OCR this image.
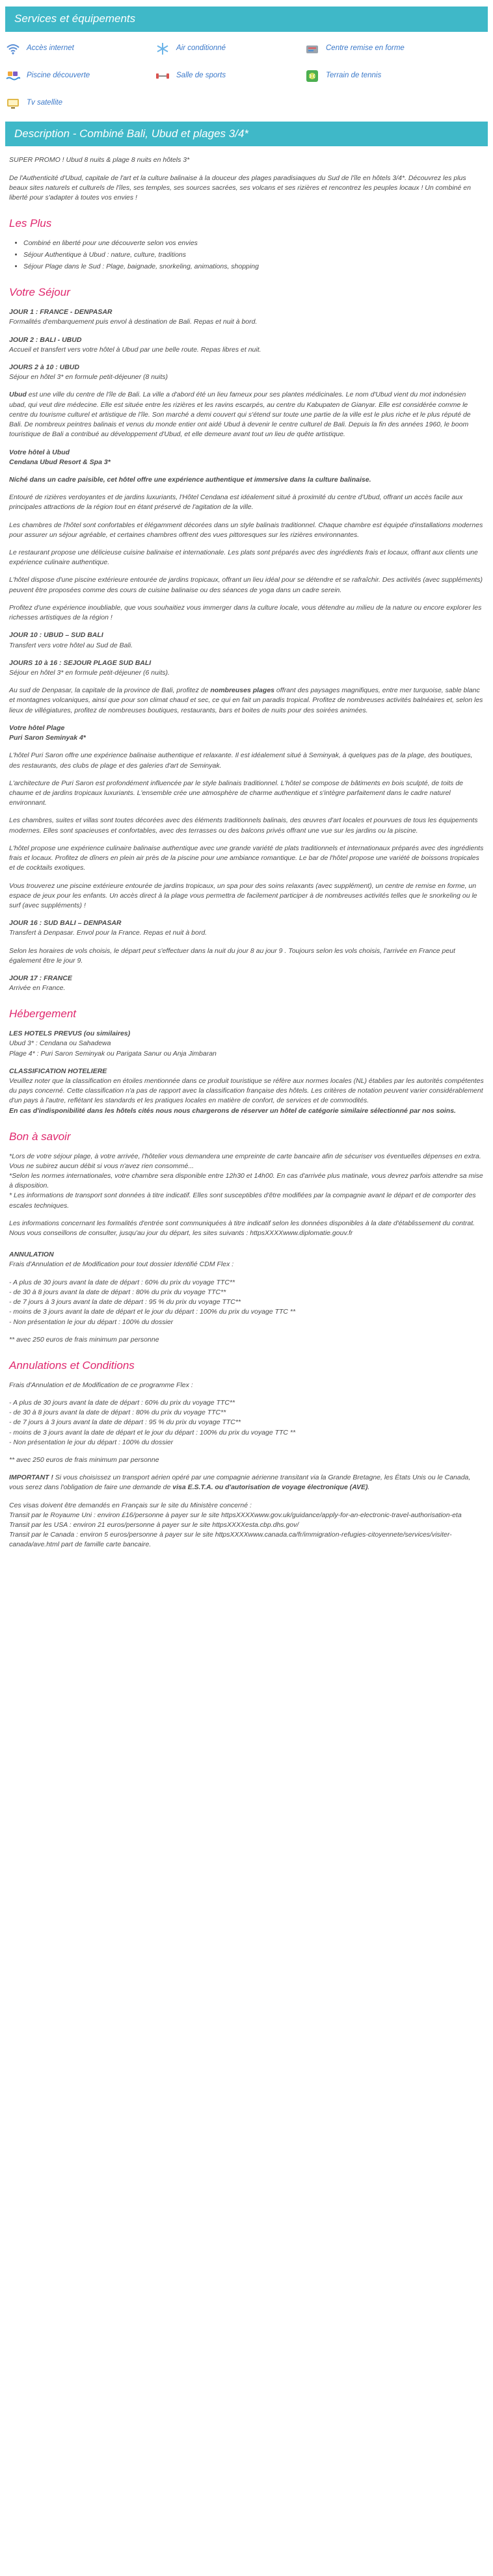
Services et équipements
Accès internet	Air conditionné	Centre remise en forme
Piscine découverte	Salle de sports	Terrain de tennis
Tv satellite
Description - Combiné Bali, Ubud et plages 3/4*

SUPER PROMO ! Ubud 8 nuits & plage 8 nuits en hôtels 3*

De l'Authenticité d'Ubud, capitale de l'art et la culture balinaise à la douceur des plages paradisiaques du Sud de l'île en hôtels 3/4*. Découvrez les plus beaux sites naturels et culturels de l'îles, ses temples, ses sources sacrées, ses volcans et ses rizières et rencontrez les peuples locaux ! Un combiné en liberté pour s'adapter à toutes vos envies !

Les Plus
• Combiné en liberté pour une découverte selon vos envies
• Séjour Authentique à Ubud : nature, culture, traditions
• Séjour Plage dans le Sud : Plage, baignade, snorkeling, animations, shopping
Votre Séjour

JOUR 1 : FRANCE - DENPASAR
Formalités d'embarquement puis envol à destination de Bali. Repas et nuit à bord.

JOUR 2 : BALI - UBUD
Accueil et transfert vers votre hôtel à Ubud par une belle route. Repas libres et nuit.

JOURS 2 à 10 : UBUD
Séjour en hôtel 3* en formule petit-déjeuner (8 nuits)

Ubud est une ville du centre de l'île de Bali. La ville a d'abord été un lieu fameux pour ses plantes médicinales. Le nom d'Ubud vient du mot indonésien ubad, qui veut dire médecine. Elle est située entre les rizières et les ravins escarpés, au centre du Kabupaten de Gianyar. Elle est considérée comme le centre du tourisme culturel et artistique de l'île. Son marché a demi couvert qui s'étend sur toute une partie de la ville est le plus riche et le plus réputé de Bali. De nombreux peintres balinais et venus du monde entier ont aidé Ubud à devenir le centre culturel de Bali. Depuis la fin des années 1960, le boom touristique de Bali a contribué au développement d'Ubud, et elle demeure avant tout un lieu de quête artistique.

Votre hôtel à Ubud
Cendana Ubud Resort & Spa 3*

Niché dans un cadre paisible, cet hôtel offre une expérience authentique et immersive dans la culture balinaise.

Entouré de rizières verdoyantes et de jardins luxuriants, l'Hôtel Cendana est idéalement situé à proximité du centre d'Ubud, offrant un accès facile aux principales attractions de la région tout en étant préservé de l'agitation de la ville.

Les chambres de l'hôtel sont confortables et élégamment décorées dans un style balinais traditionnel. Chaque chambre est équipée d'installations modernes pour assurer un séjour agréable, et certaines chambres offrent des vues pittoresques sur les rizières environnantes.

Le restaurant propose une délicieuse cuisine balinaise et internationale. Les plats sont préparés avec des ingrédients frais et locaux, offrant aux clients une expérience culinaire authentique.

L'hôtel dispose d'une piscine extérieure entourée de jardins tropicaux, offrant un lieu idéal pour se détendre et se rafraîchir. Des activités (avec suppléments) peuvent être proposées comme des cours de cuisine balinaise ou des séances de yoga dans un cadre serein.

Profitez d'une expérience inoubliable, que vous souhaitiez vous immerger dans la culture locale, vous détendre au milieu de la nature ou encore explorer les richesses artistiques de la région !

JOUR 10 : UBUD – SUD BALI
Transfert vers votre hôtel au Sud de Bali.

JOURS 10 à 16 : SEJOUR PLAGE SUD BALI
Séjour en hôtel 3* en formule petit-déjeuner (6 nuits).

Au sud de Denpasar, la capitale de la province de Bali, profitez de nombreuses plages offrant des paysages magnifiques, entre mer turquoise, sable blanc et montagnes volcaniques, ainsi que pour son climat chaud et sec, ce qui en fait un paradis tropical. Profitez de nombreuses activités balnéaires et, selon les lieux de villégiatures, profitez de nombreuses boutiques, restaurants, bars et boites de nuits pour des soirées animées.

Votre hôtel Plage
Puri Saron Seminyak 4*

L'hôtel Puri Saron offre une expérience balinaise authentique et relaxante. Il est idéalement situé à Seminyak, à quelques pas de la plage, des boutiques, des restaurants, des clubs de plage et des galeries d'art de Seminyak.

L'architecture de Puri Saron est profondément influencée par le style balinais traditionnel. L'hôtel se compose de bâtiments en bois sculpté, de toits de chaume et de jardins tropicaux luxuriants. L'ensemble crée une atmosphère de charme authentique et s'intègre parfaitement dans le cadre naturel environnant.

Les chambres, suites et villas sont toutes décorées avec des éléments traditionnels balinais, des œuvres d'art locales et pourvues de tous les équipements modernes. Elles sont spacieuses et confortables, avec des terrasses ou des balcons privés offrant une vue sur les jardins ou la piscine.

L'hôtel propose une expérience culinaire balinaise authentique avec une grande variété de plats traditionnels et internationaux préparés avec des ingrédients frais et locaux. Profitez de dîners en plein air près de la piscine pour une ambiance romantique. Le bar de l'hôtel propose une variété de boissons tropicales et de cocktails exotiques.

Vous trouverez une piscine extérieure entourée de jardins tropicaux, un spa pour des soins relaxants (avec supplément), un centre de remise en forme, un espace de jeux pour les enfants. Un accès direct à la plage vous permettra de facilement participer à de nombreuses activités telles que le snorkeling ou le surf (avec suppléments) !

JOUR 16 : SUD BALI – DENPASAR
Transfert à Denpasar. Envol pour la France. Repas et nuit à bord.

Selon les horaires de vols choisis, le départ peut s'effectuer dans la nuit du jour 8 au jour 9 . Toujours selon les vols choisis, l'arrivée en France peut également être le jour 9.

JOUR 17 : FRANCE
Arrivée en France.

Hébergement

LES HOTELS PREVUS (ou similaires)
Ubud 3* : Cendana ou Sahadewa
Plage 4* : Puri Saron Seminyak ou Parigata Sanur ou Anja Jimbaran

CLASSIFICATION HOTELIERE
Veuillez noter que la classification en étoiles mentionnée dans ce produit touristique se réfère aux normes locales (NL) établies par les autorités compétentes du pays concerné. Cette classification n'a pas de rapport avec la classification française des hôtels. Les critères de notation peuvent varier considérablement d'un pays à l'autre, reflétant les standards et les pratiques locales en matière de confort, de services et de commodités.
En cas d'indisponibilité dans les hôtels cités nous nous chargerons de réserver un hôtel de catégorie similaire sélectionné par nos soins.

Bon à savoir

*Lors de votre séjour plage, à votre arrivée, l'hôtelier vous demandera une empreinte de carte bancaire afin de sécuriser vos éventuelles dépenses en extra. Vous ne subirez aucun débit si vous n'avez rien consommé...
*Selon les normes internationales, votre chambre sera disponible entre 12h30 et 14h00. En cas d'arrivée plus matinale, vous devrez parfois attendre sa mise à disposition.
* Les informations de transport sont données à titre indicatif. Elles sont susceptibles d'être modifiées par la compagnie avant le départ et de comporter des escales techniques.

Les informations concernant les formalités d'entrée sont communiquées à titre indicatif selon les données disponibles à la date d'établissement du contrat. Nous vous conseillons de consulter, jusqu'au jour du départ, les sites suivants : httpsXXXXwww.diplomatie.gouv.fr

ANNULATION
Frais d'Annulation et de Modification pour tout dossier Identifié CDM Flex :

- A plus de 30 jours avant la date de départ : 60% du prix du voyage TTC**
- de 30 à 8 jours avant la date de départ : 80% du prix du voyage TTC**
- de 7 jours à 3 jours avant la date de départ : 95 % du prix du voyage TTC**
- moins de 3 jours avant la date de départ et le jour du départ : 100% du prix du voyage TTC **
- Non présentation le jour du départ : 100% du dossier

** avec 250 euros de frais minimum par personne

Annulations et Conditions

Frais d'Annulation et de Modification de ce programme Flex :

- A plus de 30 jours avant la date de départ : 60% du prix du voyage TTC**
- de 30 à 8 jours avant la date de départ : 80% du prix du voyage TTC**
- de 7 jours à 3 jours avant la date de départ : 95 % du prix du voyage TTC**
- moins de 3 jours avant la date de départ et le jour du départ : 100% du prix du voyage TTC **
- Non présentation le jour du départ : 100% du dossier

** avec 250 euros de frais minimum par personne

IMPORTANT ! Si vous choisissez un transport aérien opéré par une compagnie aérienne transitant via la Grande Bretagne, les États Unis ou le Canada, vous serez dans l'obligation de faire une demande de visa E.S.T.A. ou d'autorisation de voyage électronique (AVE).

Ces visas doivent être demandés en Français sur le site du Ministère concerné :
Transit par le Royaume Uni : environ £16/personne à payer sur le site httpsXXXXwww.gov.uk/guidance/apply-for-an-electronic-travel-authorisation-eta
Transit par les USA : environ 21 euros/personne à payer sur le site httpsXXXXesta.cbp.dhs.gov/
Transit par le Canada : environ 5 euros/personne à payer sur le site httpsXXXXwww.canada.ca/fr/immigration-refugies-citoyennete/services/visiter-canada/ave.html part de famille carte bancaire.
